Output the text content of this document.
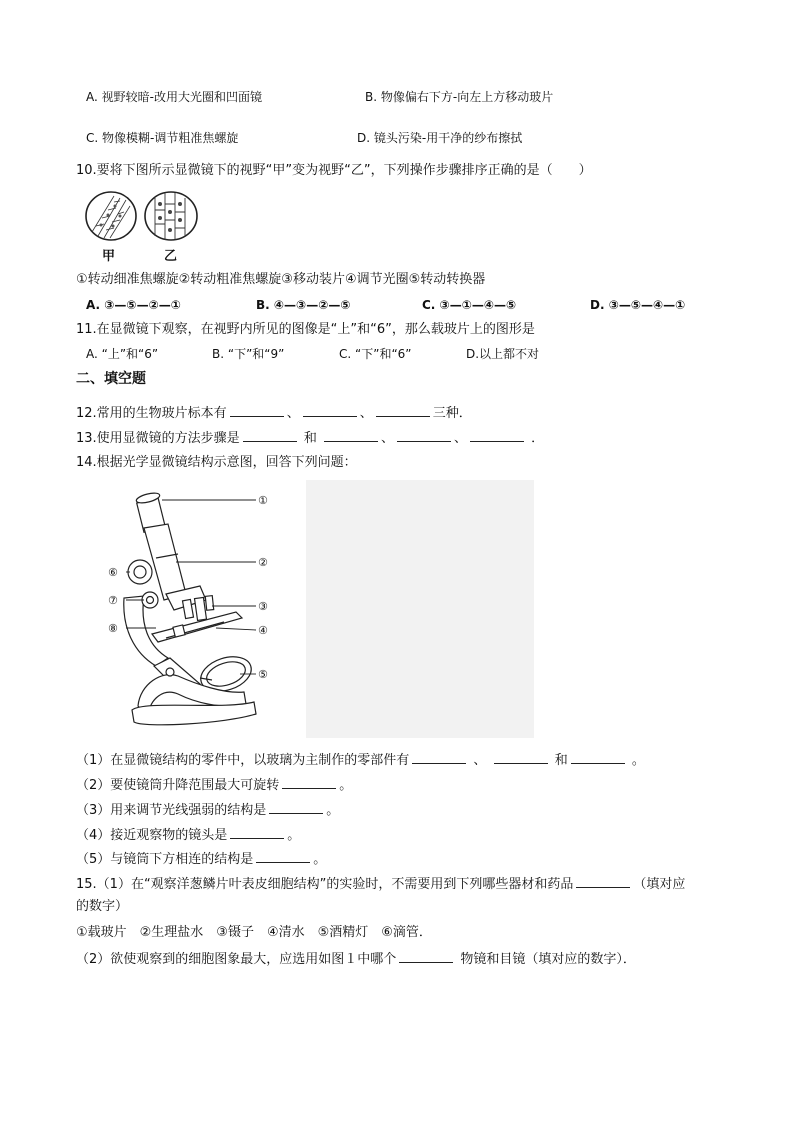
A. 视野较暗-改用大光圈和凹面镜	B. 物像偏右下方-向左上方移动玻片
C. 物像模糊-调节粗准焦螺旋	D. 镜头污染-用干净的纱布擦拭
10.要将下图所示显微镜下的视野“甲”变为视野“乙”，下列操作步骤排序正确的是（　　）
甲	乙
①转动细准焦螺旋②转动粗准焦螺旋③移动装片④调节光圈⑤转动转换器
A. ③—⑤—②—①	B. ④—③—②—⑤	C. ③—①—④—⑤	D. ③—⑤—④—①
11.在显微镜下观察，在视野内所见的图像是“上”和“6”，那么载玻片上的图形是
A. “上”和“6”	B. “下”和“9”	C. “下”和“6”	D.以上都不对
二、填空题
12.常用的生物玻片标本有	、	、	三种．
13.使用显微镜的方法步骤是	和	、	、	．
14.根据光学显微镜结构示意图，回答下列问题：
①
②
③
④
⑤
⑥
⑦
⑧
（1）在显微镜结构的零件中，以玻璃为主制作的零部件有	、	和	。
（2）要使镜筒升降范围最大可旋转	。
（3）用来调节光线强弱的结构是	。
（4）接近观察物的镜头是	。
（5）与镜筒下方相连的结构是	。
15.（1）在“观察洋葱鳞片叶表皮细胞结构”的实验时，不需要用到下列哪些器材和药品	（填对应
的数字）
①载玻片　②生理盐水　③镊子　④清水　⑤酒精灯　⑥滴管．
（2）欲使观察到的细胞图象最大，应选用如图１中哪个	物镜和目镜（填对应的数字）．
